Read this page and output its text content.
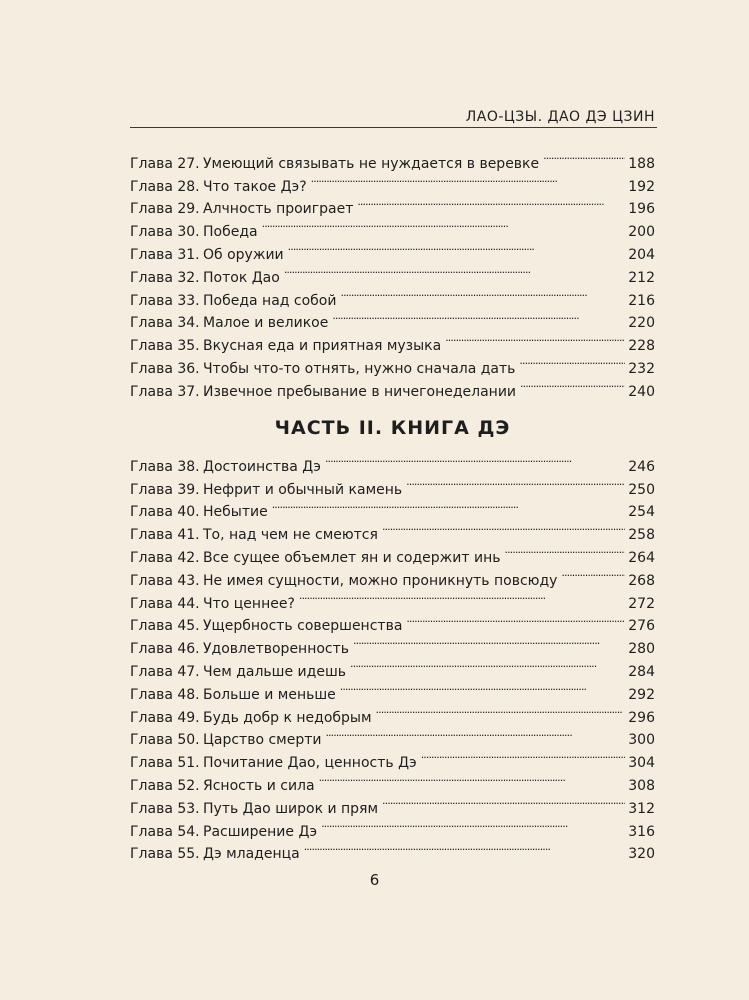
ЛАО-ЦЗЫ. ДАО ДЭ ЦЗИН
Глава 27. Умеющий связывать не нуждается в веревке . . .	188
Глава 28. Что такое Дэ? . . .	192
Глава 29. Алчность проиграет . . .	196
Глава 30. Победа . . .	200
Глава 31. Об оружии . . .	204
Глава 32. Поток Дао . . .	212
Глава 33. Победа над собой . . .	216
Глава 34. Малое и великое . . .	220
Глава 35. Вкусная еда и приятная музыка . . .	228
Глава 36. Чтобы что-то отнять, нужно сначала дать . . .	232
Глава 37. Извечное пребывание в ничегонеделании . . .	240
ЧАСТЬ II. КНИГА ДЭ
Глава 38. Достоинства Дэ . . .	246
Глава 39. Нефрит и обычный камень . . .	250
Глава 40. Небытие . . .	254
Глава 41. То, над чем не смеются . . .	258
Глава 42. Все сущее объемлет ян и содержит инь . . .	264
Глава 43. Не имея сущности, можно проникнуть повсюду . . .	268
Глава 44. Что ценнее? . . .	272
Глава 45. Ущербность совершенства . . .	276
Глава 46. Удовлетворенность . . .	280
Глава 47. Чем дальше идешь . . .	284
Глава 48. Больше и меньше . . .	292
Глава 49. Будь добр к недобрым . . .	296
Глава 50. Царство смерти . . .	300
Глава 51. Почитание Дао, ценность Дэ . . .	304
Глава 52. Ясность и сила . . .	308
Глава 53. Путь Дао широк и прям . . .	312
Глава 54. Расширение Дэ . . .	316
Глава 55. Дэ младенца . . .	320
6
